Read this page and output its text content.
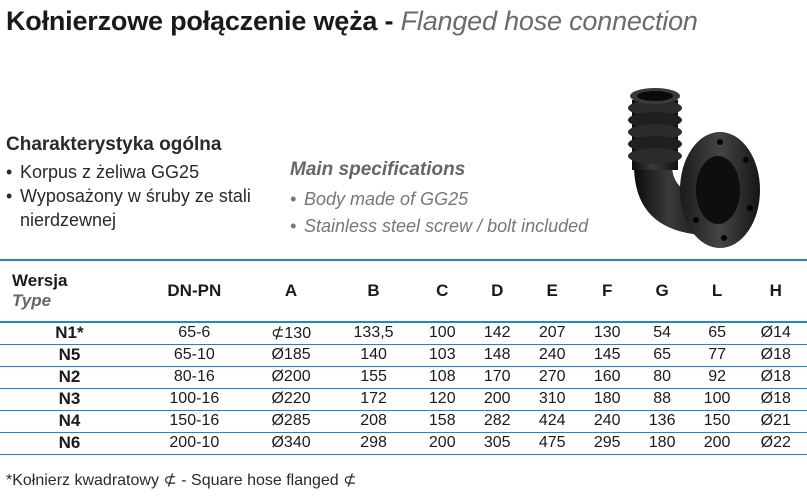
Kołnierzowe połączenie węża - Flanged hose connection
Charakterystyka ogólna
• Korpus z żeliwa GG25
• Wyposażony w śruby ze stali nierdzewnej
Main specifications
• Body made of GG25
• Stainless steel screw / bolt included
Wersja
Type	DN-PN	A	B	C	D	E	F	G	L	H
N1*	65-6	⊄130	133,5	100	142	207	130	54	65	Ø14
N5	65-10	Ø185	140	103	148	240	145	65	77	Ø18
N2	80-16	Ø200	155	108	170	270	160	80	92	Ø18
N3	100-16	Ø220	172	120	200	310	180	88	100	Ø18
N4	150-16	Ø285	208	158	282	424	240	136	150	Ø21
N6	200-10	Ø340	298	200	305	475	295	180	200	Ø22
*Kołnierz kwadratowy ⊄ - Square hose flanged ⊄
